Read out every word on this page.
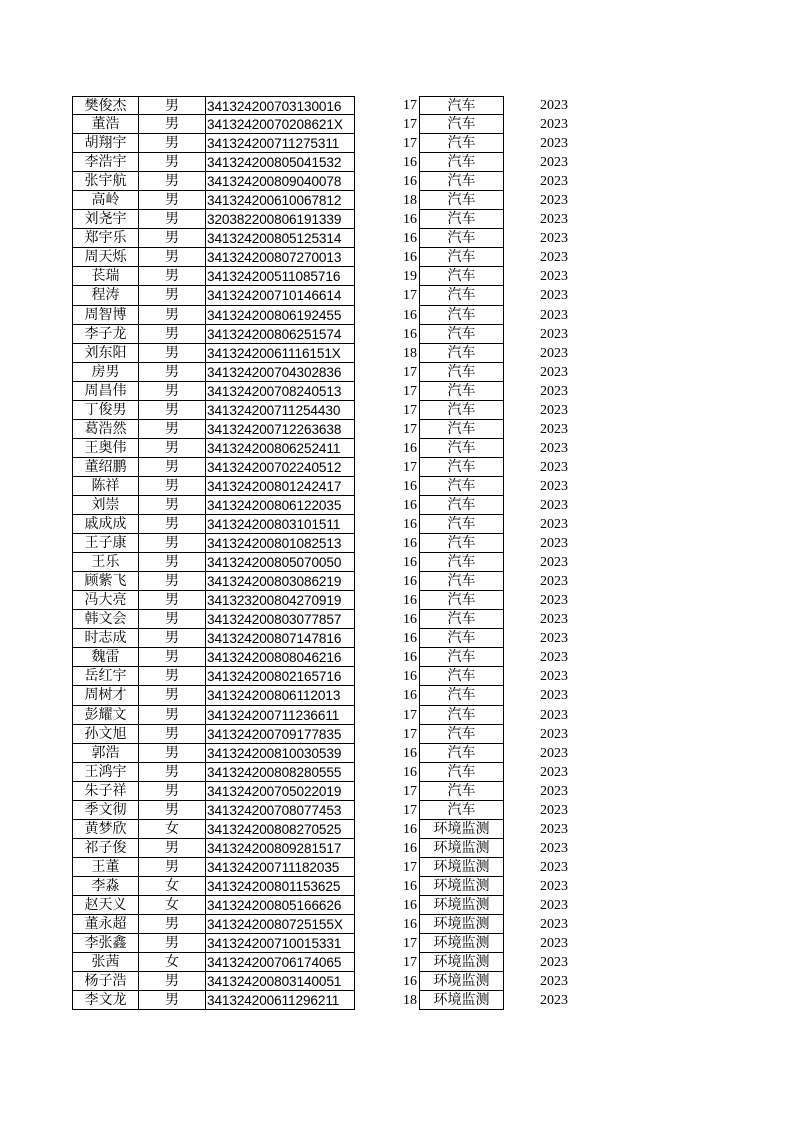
樊俊杰	男	341324200703130016	17	汽车	2023
董浩	男	34132420070208621X	17	汽车	2023
胡翔宇	男	341324200711275311	17	汽车	2023
李浩宇	男	341324200805041532	16	汽车	2023
张宇航	男	341324200809040078	16	汽车	2023
高岭	男	341324200610067812	18	汽车	2023
刘尧宇	男	320382200806191339	16	汽车	2023
郑宇乐	男	341324200805125314	16	汽车	2023
周天烁	男	341324200807270013	16	汽车	2023
苌瑞	男	341324200511085716	19	汽车	2023
程涛	男	341324200710146614	17	汽车	2023
周智博	男	341324200806192455	16	汽车	2023
李子龙	男	341324200806251574	16	汽车	2023
刘东阳	男	34132420061116151X	18	汽车	2023
房男	男	341324200704302836	17	汽车	2023
周昌伟	男	341324200708240513	17	汽车	2023
丁俊男	男	341324200711254430	17	汽车	2023
葛浩然	男	341324200712263638	17	汽车	2023
王奥伟	男	341324200806252411	16	汽车	2023
董绍鹏	男	341324200702240512	17	汽车	2023
陈祥	男	341324200801242417	16	汽车	2023
刘崇	男	341324200806122035	16	汽车	2023
戚成成	男	341324200803101511	16	汽车	2023
王子康	男	341324200801082513	16	汽车	2023
王乐	男	341324200805070050	16	汽车	2023
顾紫飞	男	341324200803086219	16	汽车	2023
冯大亮	男	341323200804270919	16	汽车	2023
韩文会	男	341324200803077857	16	汽车	2023
时志成	男	341324200807147816	16	汽车	2023
魏雷	男	341324200808046216	16	汽车	2023
岳红宇	男	341324200802165716	16	汽车	2023
周树才	男	341324200806112013	16	汽车	2023
彭耀文	男	341324200711236611	17	汽车	2023
孙文旭	男	341324200709177835	17	汽车	2023
郭浩	男	341324200810030539	16	汽车	2023
王鸿宇	男	341324200808280555	16	汽车	2023
朱子祥	男	341324200705022019	17	汽车	2023
季文彻	男	341324200708077453	17	汽车	2023
黄梦欣	女	341324200808270525	16	环境监测	2023
祁子俊	男	341324200809281517	16	环境监测	2023
王董	男	341324200711182035	17	环境监测	2023
李淼	女	341324200801153625	16	环境监测	2023
赵天义	女	341324200805166626	16	环境监测	2023
董永超	男	34132420080725155X	16	环境监测	2023
李张鑫	男	341324200710015331	17	环境监测	2023
张茜	女	341324200706174065	17	环境监测	2023
杨子浩	男	341324200803140051	16	环境监测	2023
李文龙	男	341324200611296211	18	环境监测	2023
